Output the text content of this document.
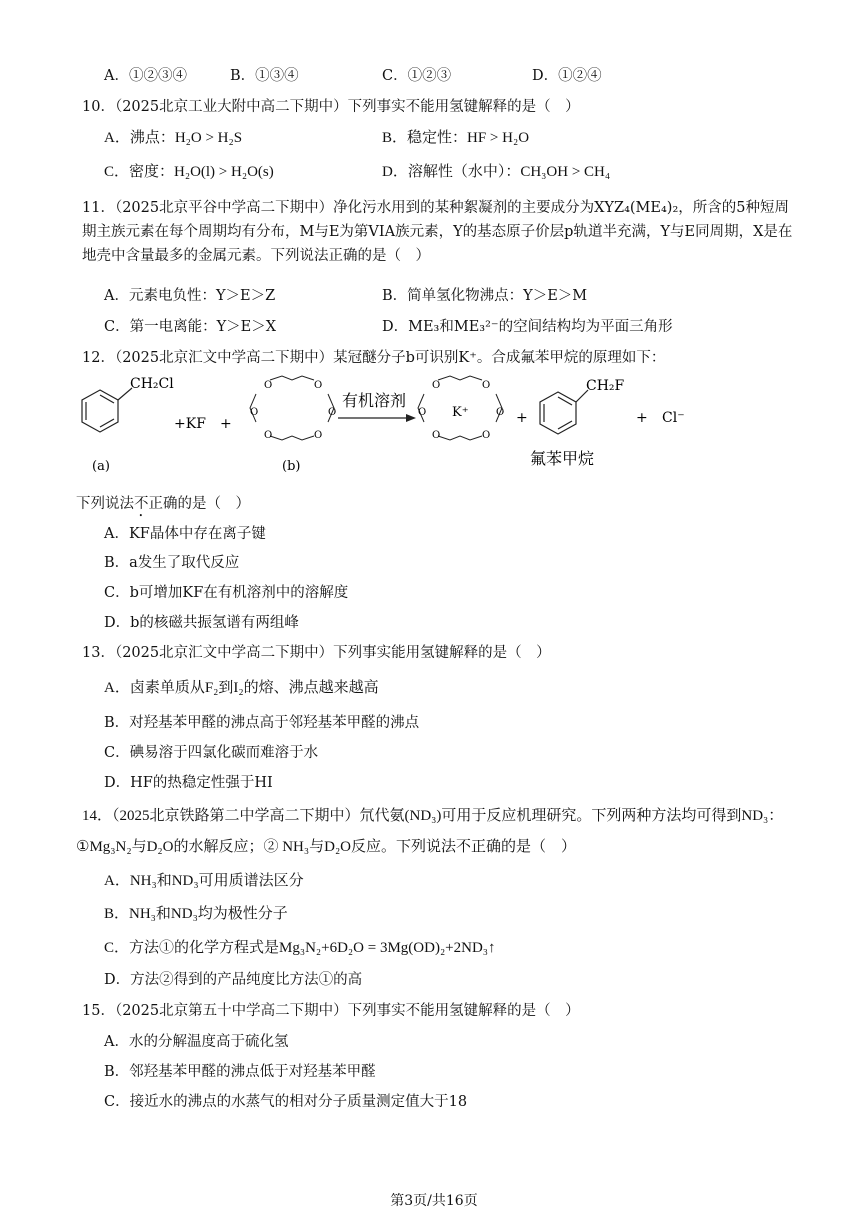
A．①②③④	B．①③④	C．①②③	D．①②④
10．（2025北京工业大附中高二下期中）下列事实不能用氢键解释的是（　）
A．沸点：H₂O > H₂S	B．稳定性：HF > H₂O
C．密度：H₂O(l) > H₂O(s)	D．溶解性（水中）：CH₃OH > CH₄
11．（2025北京平谷中学高二下期中）净化污水用到的某种絮凝剂的主要成分为XYZ₄(ME₄)₂，所含的5种短周期主族元素在每个周期均有分布，M与E为第VIA族元素，Y的基态原子价层p轨道半充满，Y与E同周期，X是在地壳中含量最多的金属元素。下列说法正确的是（　）
A．元素电负性：Y＞E＞Z	B．简单氢化物沸点：Y＞E＞M
C．第一电离能：Y＞E＞X	D．ME₃和ME₃²⁻的空间结构均为平面三角形
12．（2025北京汇文中学高二下期中）某冠醚分子b可识别K⁺。合成氟苯甲烷的原理如下：
CH₂Cl
(a)
+KF +
O	O
O	O
O	O
(b)
有机溶剂
O	O
O	O
O	O
K⁺	+
CH₂F
氟苯甲烷
+ Cl⁻
下列说法不正确的是（　）
A．KF晶体中存在离子键
B．a发生了取代反应
C．b可增加KF在有机溶剂中的溶解度
D．b的核磁共振氢谱有两组峰
13．（2025北京汇文中学高二下期中）下列事实能用氢键解释的是（　）
A．卤素单质从F₂到I₂的熔、沸点越来越高
B．对羟基苯甲醛的沸点高于邻羟基苯甲醛的沸点
C．碘易溶于四氯化碳而难溶于水
D．HF的热稳定性强于HI
14．（2025北京铁路第二中学高二下期中）氘代氨(ND₃)可用于反应机理研究。下列两种方法均可得到ND₃：
①Mg₃N₂与D₂O的水解反应；② NH₃与D₂O反应。下列说法不正确的是（　）
A．NH₃和ND₃可用质谱法区分
B．NH₃和ND₃均为极性分子
C．方法①的化学方程式是Mg₃N₂+6D₂O = 3Mg(OD)₂+2ND₃↑
D．方法②得到的产品纯度比方法①的高
15．（2025北京第五十中学高二下期中）下列事实不能用氢键解释的是（　）
A．水的分解温度高于硫化氢
B．邻羟基苯甲醛的沸点低于对羟基苯甲醛
C．接近水的沸点的水蒸气的相对分子质量测定值大于18
第3页/共16页
